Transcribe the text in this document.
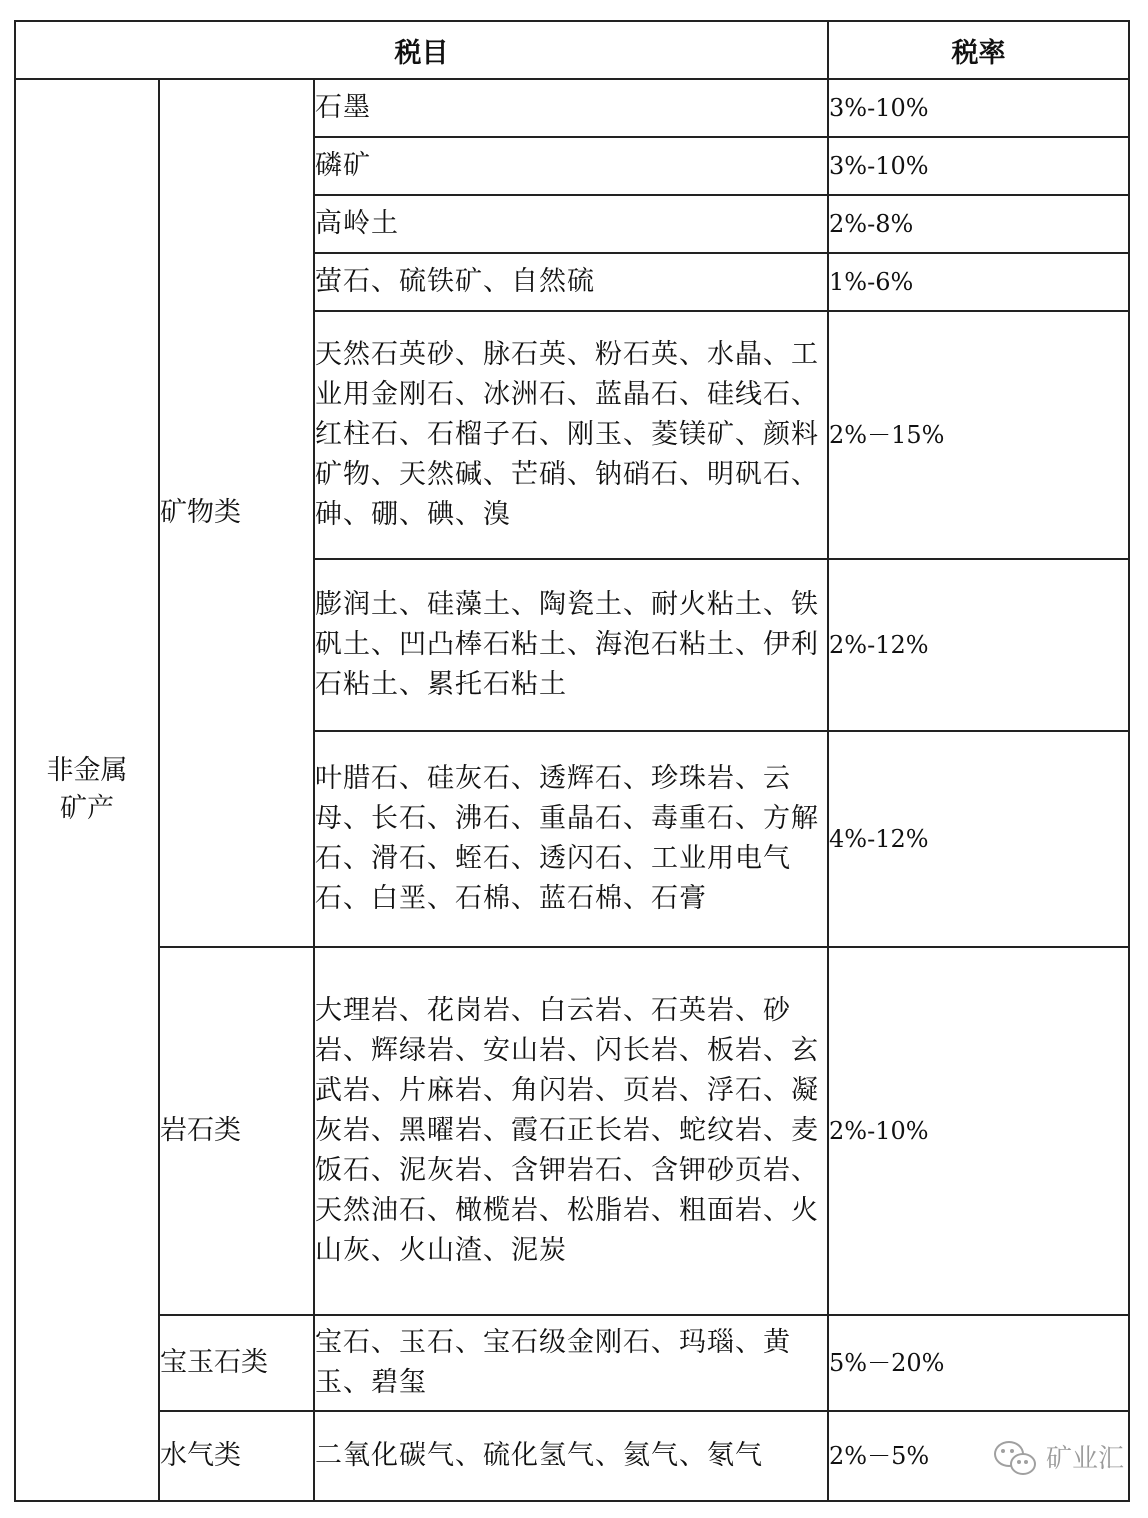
税目			税率

非金属
矿产	矿物类	石墨	3%-10%
		磷矿	3%-10%
		高岭土	2%-8%
		萤石、硫铁矿、自然硫	1%-6%
		天然石英砂、脉石英、粉石英、水晶、工业用金刚石、冰洲石、蓝晶石、硅线石、红柱石、石榴子石、刚玉、菱镁矿、颜料矿物、天然碱、芒硝、钠硝石、明矾石、砷、硼、碘、溴	2%－15%
		膨润土、硅藻土、陶瓷土、耐火粘土、铁矾土、凹凸棒石粘土、海泡石粘土、伊利石粘土、累托石粘土	2%-12%
		叶腊石、硅灰石、透辉石、珍珠岩、云母、长石、沸石、重晶石、毒重石、方解石、滑石、蛭石、透闪石、工业用电气石、白垩、石棉、蓝石棉、石膏	4%-12%
	岩石类	大理岩、花岗岩、白云岩、石英岩、砂岩、辉绿岩、安山岩、闪长岩、板岩、玄武岩、片麻岩、角闪岩、页岩、浮石、凝灰岩、黑曜岩、霞石正长岩、蛇纹岩、麦饭石、泥灰岩、含钾岩石、含钾砂页岩、天然油石、橄榄岩、松脂岩、粗面岩、火山灰、火山渣、泥炭	2%-10%
	宝玉石类	宝石、玉石、宝石级金刚石、玛瑙、黄玉、碧玺	5%－20%
	水气类	二氧化碳气、硫化氢气、氦气、氡气	2%－5%	矿业汇
